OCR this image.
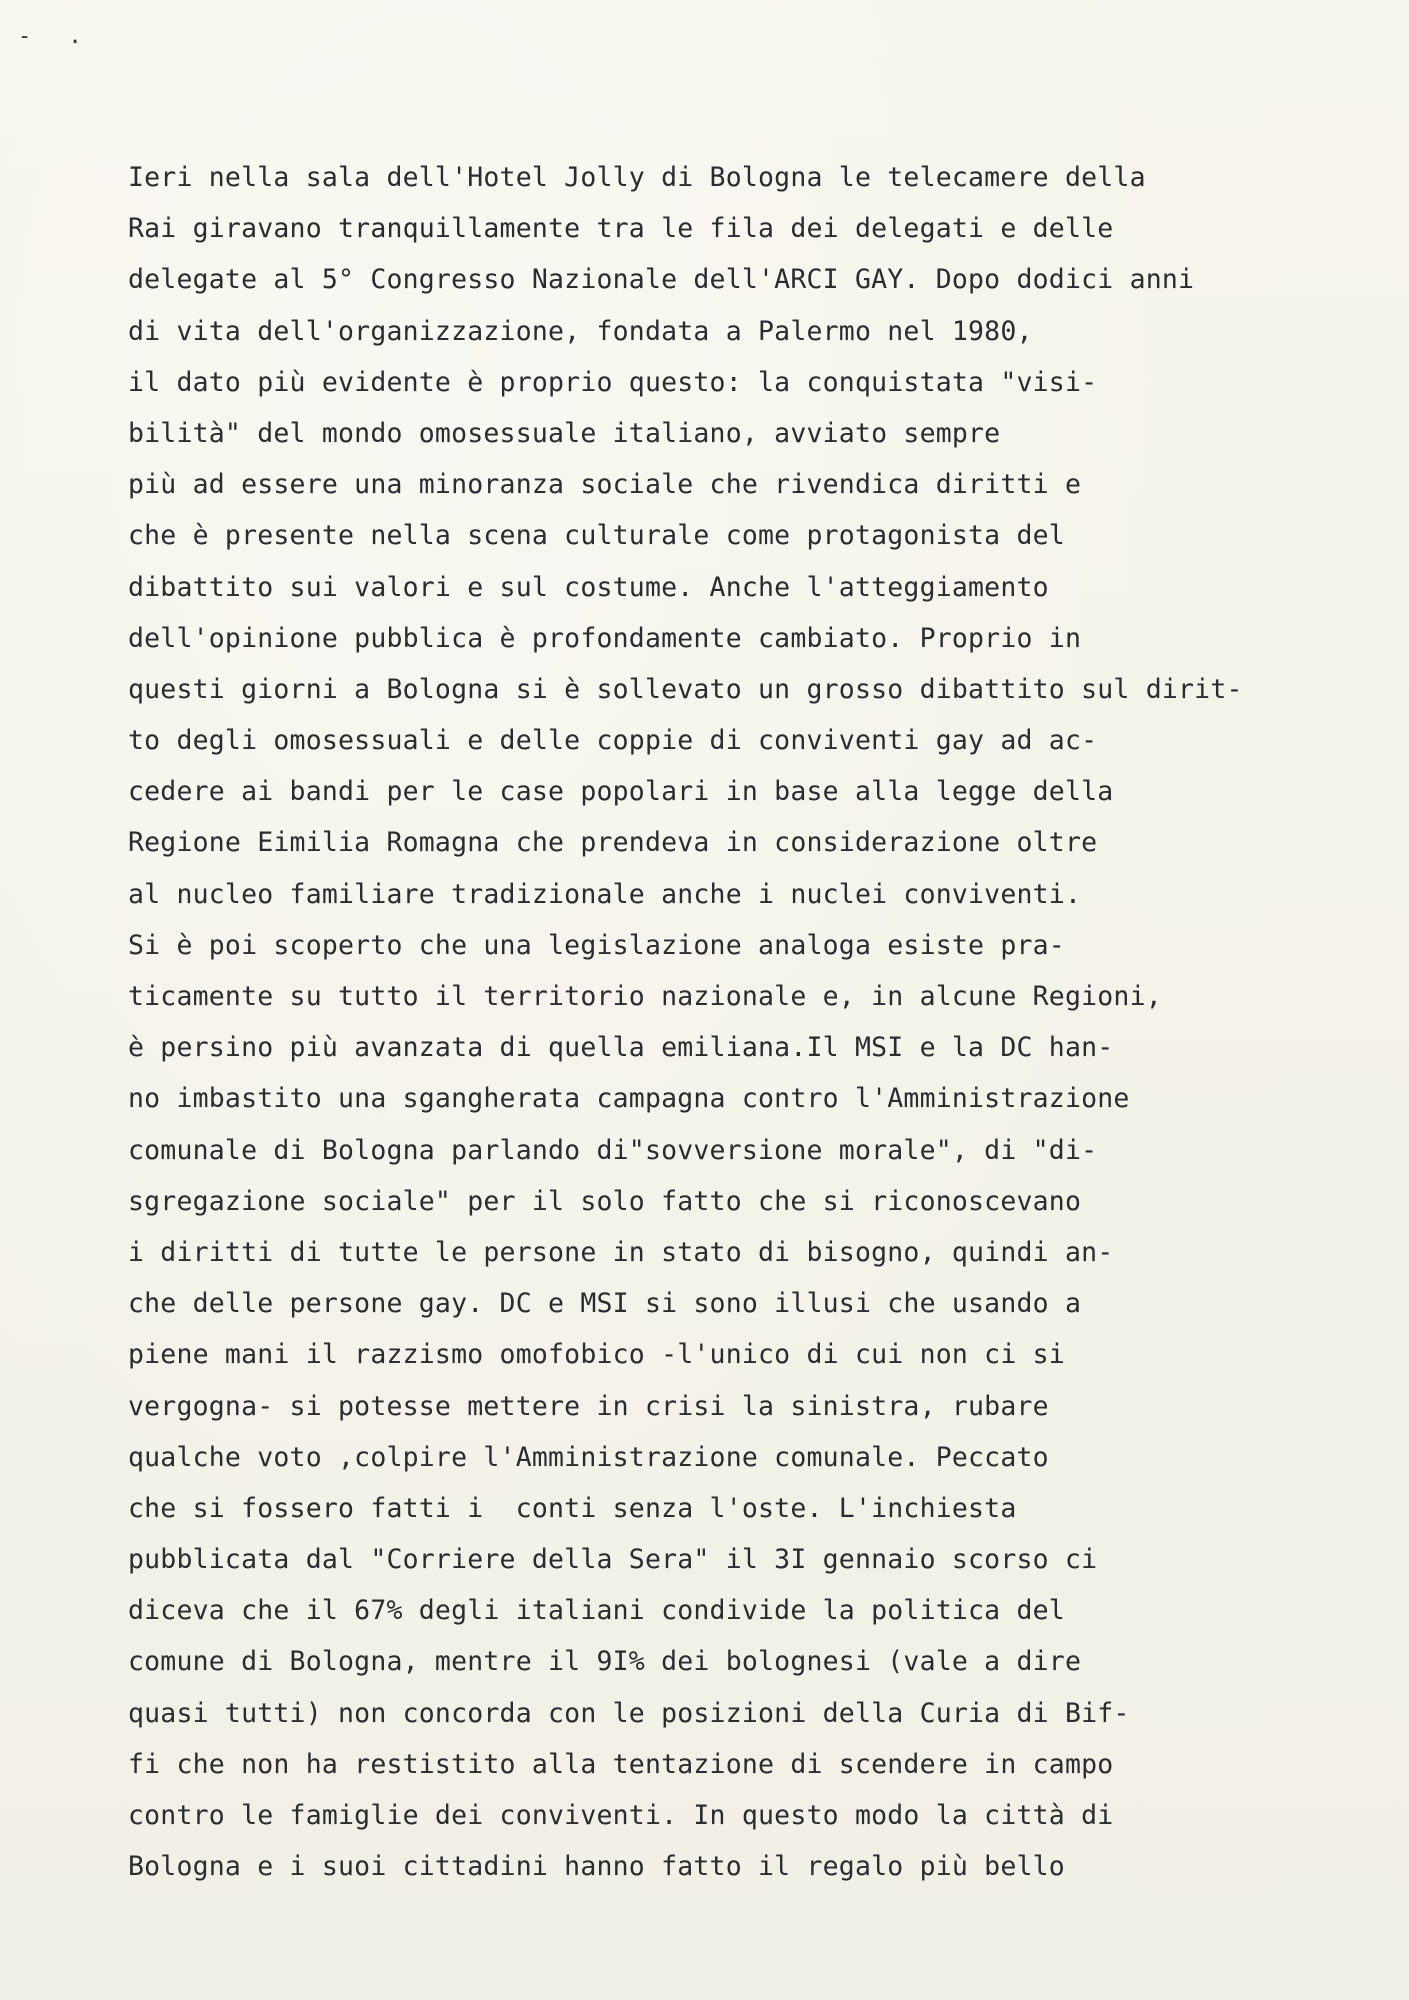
- .
Ieri nella sala dell'Hotel Jolly di Bologna le telecamere della
Rai giravano tranquillamente tra le fila dei delegati e delle
delegate al 5° Congresso Nazionale dell'ARCI GAY. Dopo dodici anni
di vita dell'organizzazione, fondata a Palermo nel 1980,
il dato più evidente è proprio questo: la conquistata "visi-
bilità" del mondo omosessuale italiano, avviato sempre
più ad essere una minoranza sociale che rivendica diritti e
che è presente nella scena culturale come protagonista del
dibattito sui valori e sul costume. Anche l'atteggiamento
dell'opinione pubblica è profondamente cambiato. Proprio in
questi giorni a Bologna si è sollevato un grosso dibattito sul dirit-
to degli omosessuali e delle coppie di conviventi gay ad ac-
cedere ai bandi per le case popolari in base alla legge della
Regione Eimilia Romagna che prendeva in considerazione oltre
al nucleo familiare tradizionale anche i nuclei conviventi.
Si è poi scoperto che una legislazione analoga esiste pra-
ticamente su tutto il territorio nazionale e, in alcune Regioni,
è persino più avanzata di quella emiliana.Il MSI e la DC han-
no imbastito una sgangherata campagna contro l'Amministrazione
comunale di Bologna parlando di"sovversione morale", di "di-
sgregazione sociale" per il solo fatto che si riconoscevano
i diritti di tutte le persone in stato di bisogno, quindi an-
che delle persone gay. DC e MSI si sono illusi che usando a
piene mani il razzismo omofobico -l'unico di cui non ci si
vergogna- si potesse mettere in crisi la sinistra, rubare
qualche voto ,colpire l'Amministrazione comunale. Peccato
che si fossero fatti i  conti senza l'oste. L'inchiesta
pubblicata dal "Corriere della Sera" il 3I gennaio scorso ci
diceva che il 67% degli italiani condivide la politica del
comune di Bologna, mentre il 9I% dei bolognesi (vale a dire
quasi tutti) non concorda con le posizioni della Curia di Bif-
fi che non ha restistito alla tentazione di scendere in campo
contro le famiglie dei conviventi. In questo modo la città di
Bologna e i suoi cittadini hanno fatto il regalo più bello
